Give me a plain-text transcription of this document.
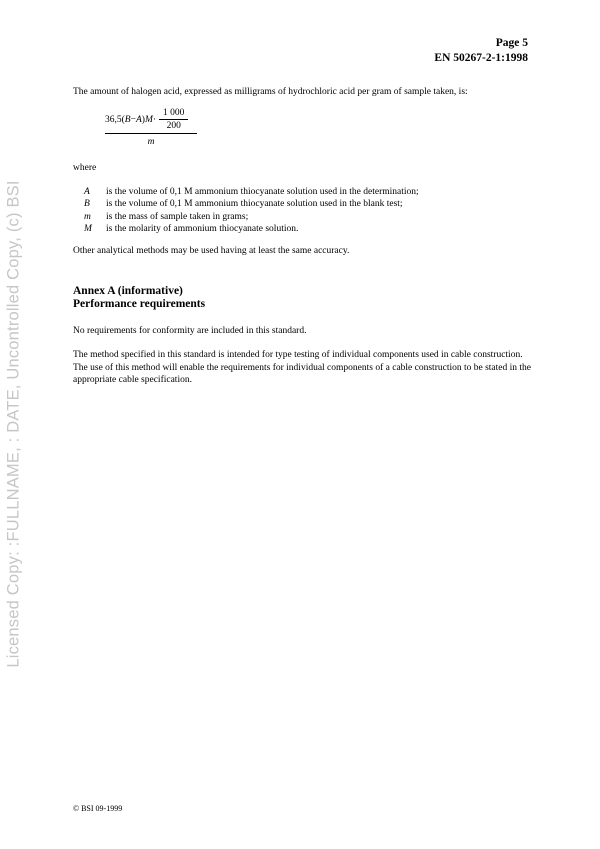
Page 5
EN 50267-2-1:1998
The amount of halogen acid, expressed as milligrams of hydrochloric acid per gram of sample taken, is:
36,5( B − A ) $M \cdot \frac{1 000}{200}$
m
where
A	is the volume of 0,1 M ammonium thiocyanate solution used in the determination;
B	is the volume of 0,1 M ammonium thiocyanate solution used in the blank test;
m	is the mass of sample taken in grams;
M	is the molarity of ammonium thiocyanate solution.
Other analytical methods may be used having at least the same accuracy.
Annex A (informative)
Performance requirements
No requirements for conformity are included in this standard.
The method specified in this standard is intended for type testing of individual components used in cable construction. The use of this method will enable the requirements for individual components of a cable construction to be stated in the appropriate cable specification.
© BSI 09-1999
Licensed Copy: :FULLNAME, : DATE, Uncontrolled Copy, (c) BSI
